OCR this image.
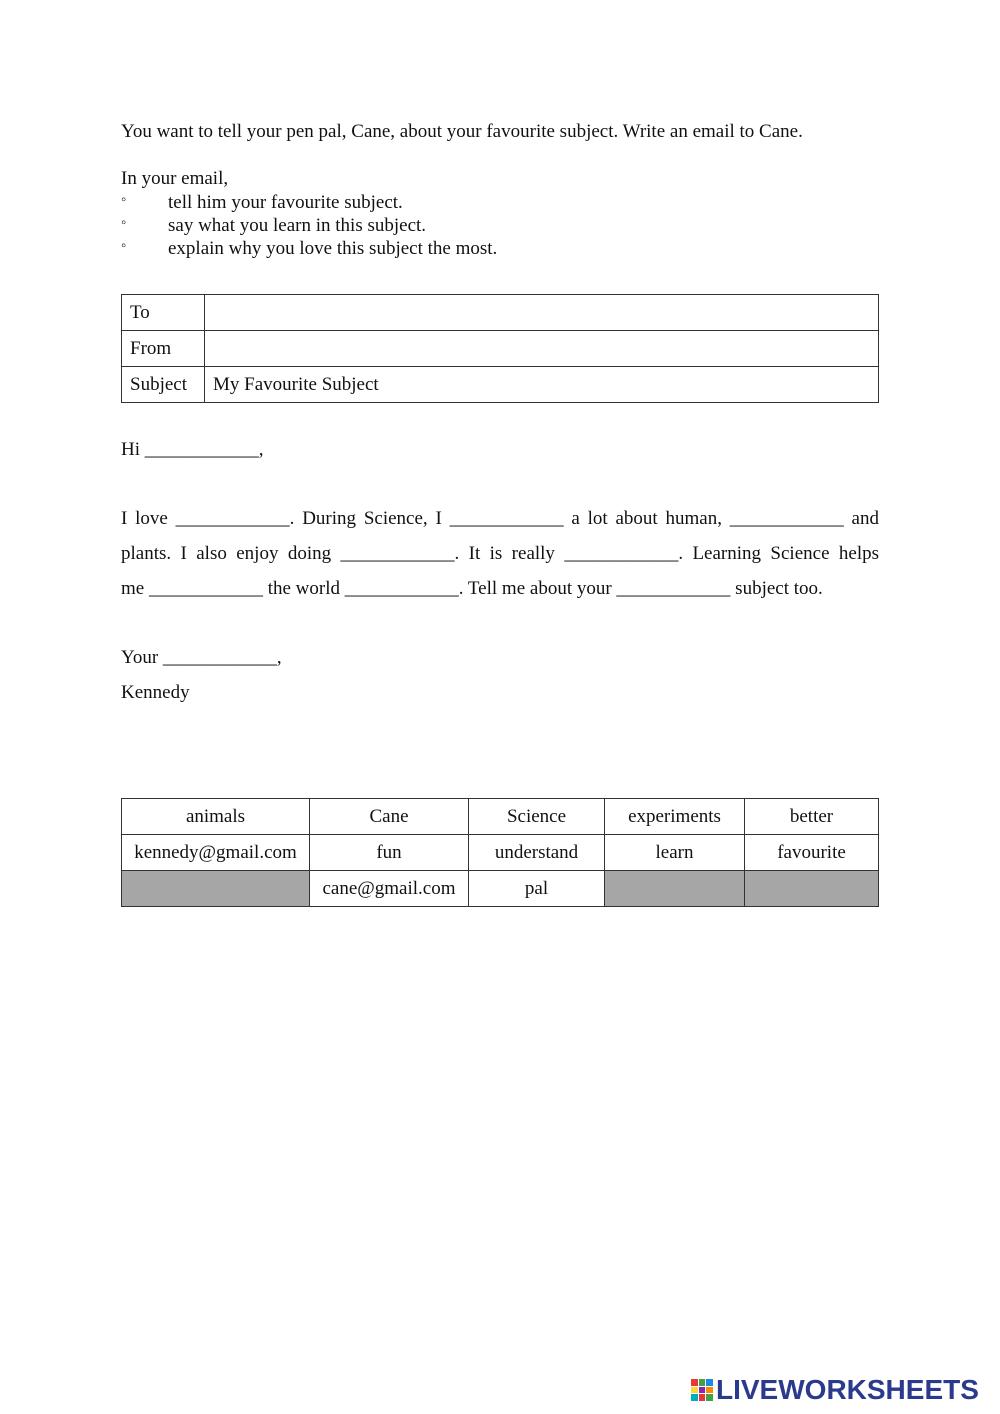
You want to tell your pen pal, Cane, about your favourite subject. Write an email to Cane.
In your email,
◦ tell him your favourite subject.
◦ say what you learn in this subject.
◦ explain why you love this subject the most.
To	
From	
Subject	My Favourite Subject
Hi ____________,
I love ____________. During Science, I ____________ a lot about human, ____________ and
plants. I also enjoy doing ____________. It is really ____________. Learning Science helps
me ____________ the world ____________. Tell me about your ____________ subject too.
Your ____________,
Kennedy
animals	Cane	Science	experiments	better
kennedy@gmail.com	fun	understand	learn	favourite
	cane@gmail.com	pal		
LIVEWORKSHEETS
